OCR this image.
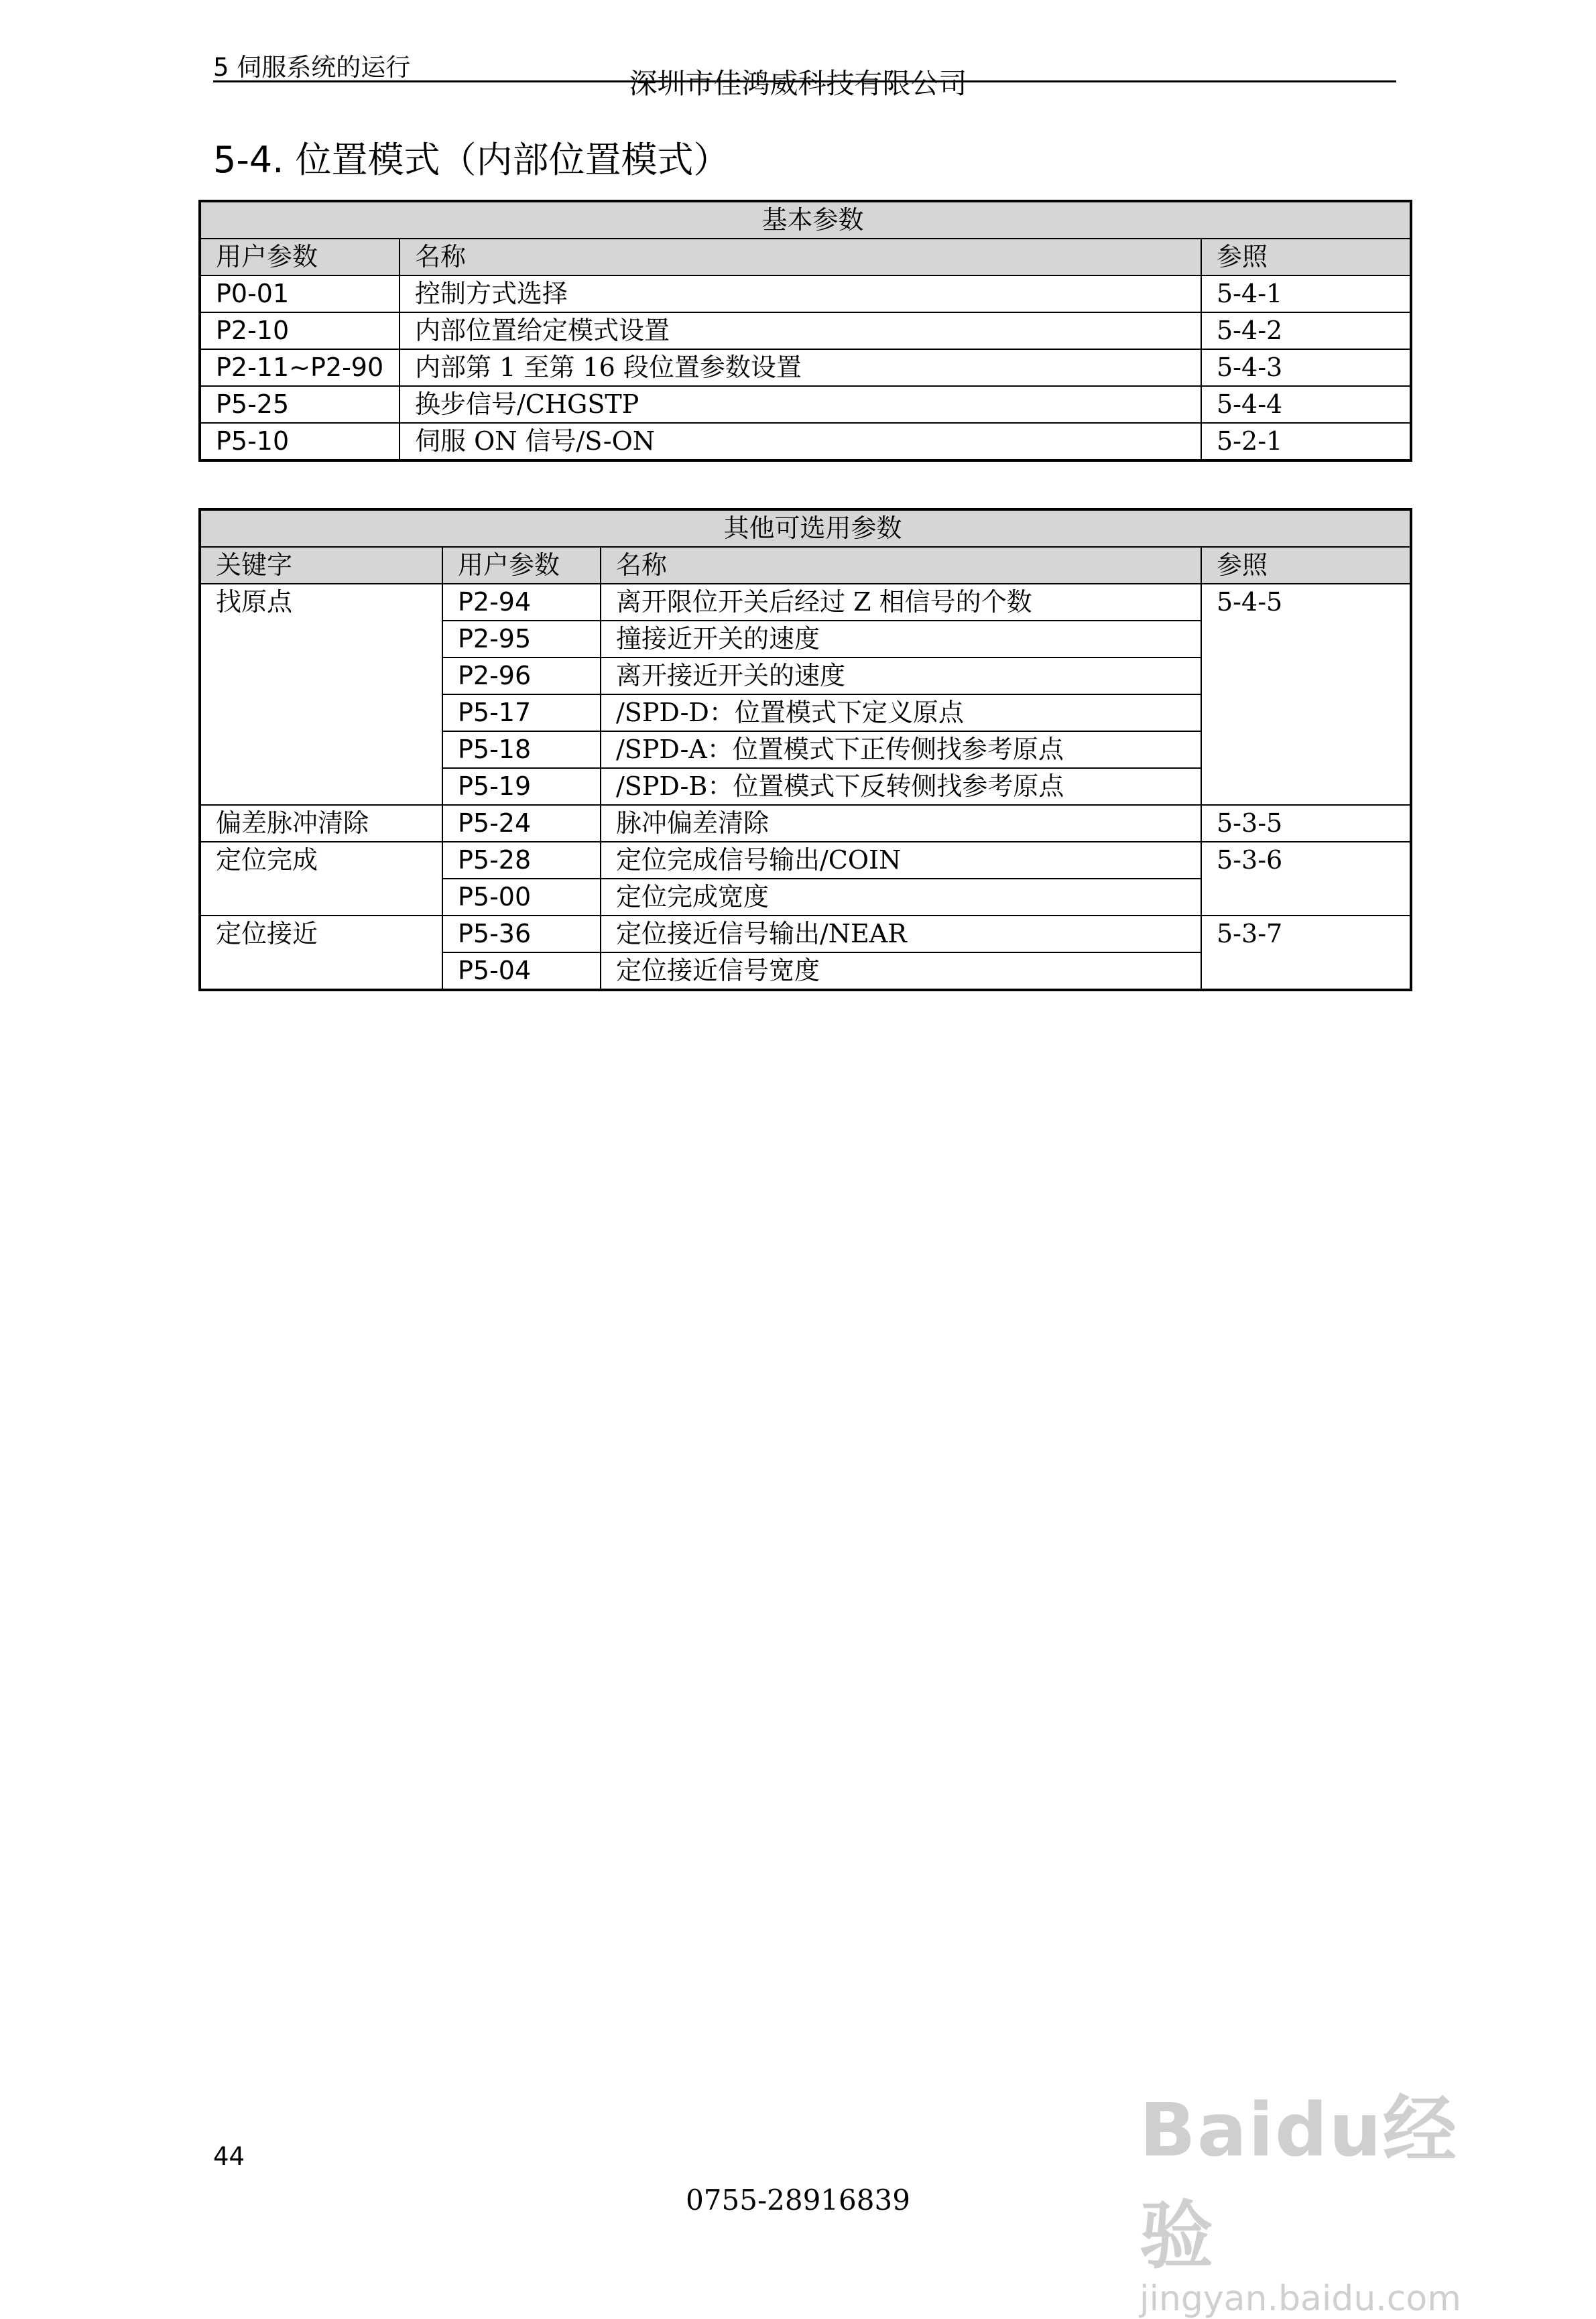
5 伺服系统的运行	深圳市佳鸿威科技有限公司
5-4. 位置模式（内部位置模式）
基本参数		
用户参数	名称	参照
P0-01	控制方式选择	5-4-1
P2-10	内部位置给定模式设置	5-4-2
P2-11~P2-90	内部第 1 至第 16 段位置参数设置	5-4-3
P5-25	换步信号/CHGSTP	5-4-4
P5-10	伺服 ON 信号/S-ON	5-2-1
其他可选用参数			
关键字	用户参数	名称	参照
找原点	P2-94	离开限位开关后经过 Z 相信号的个数	5-4-5
	P2-95	撞接近开关的速度	
	P2-96	离开接近开关的速度	
	P5-17	/SPD-D：位置模式下定义原点	
	P5-18	/SPD-A：位置模式下正传侧找参考原点	
	P5-19	/SPD-B：位置模式下反转侧找参考原点	
偏差脉冲清除	P5-24	脉冲偏差清除	5-3-5
定位完成	P5-28	定位完成信号输出/COIN	5-3-6
	P5-00	定位完成宽度	
定位接近	P5-36	定位接近信号输出/NEAR	5-3-7
	P5-04	定位接近信号宽度	
44
0755-28916839
Baidu经验
jingyan.baidu.com
